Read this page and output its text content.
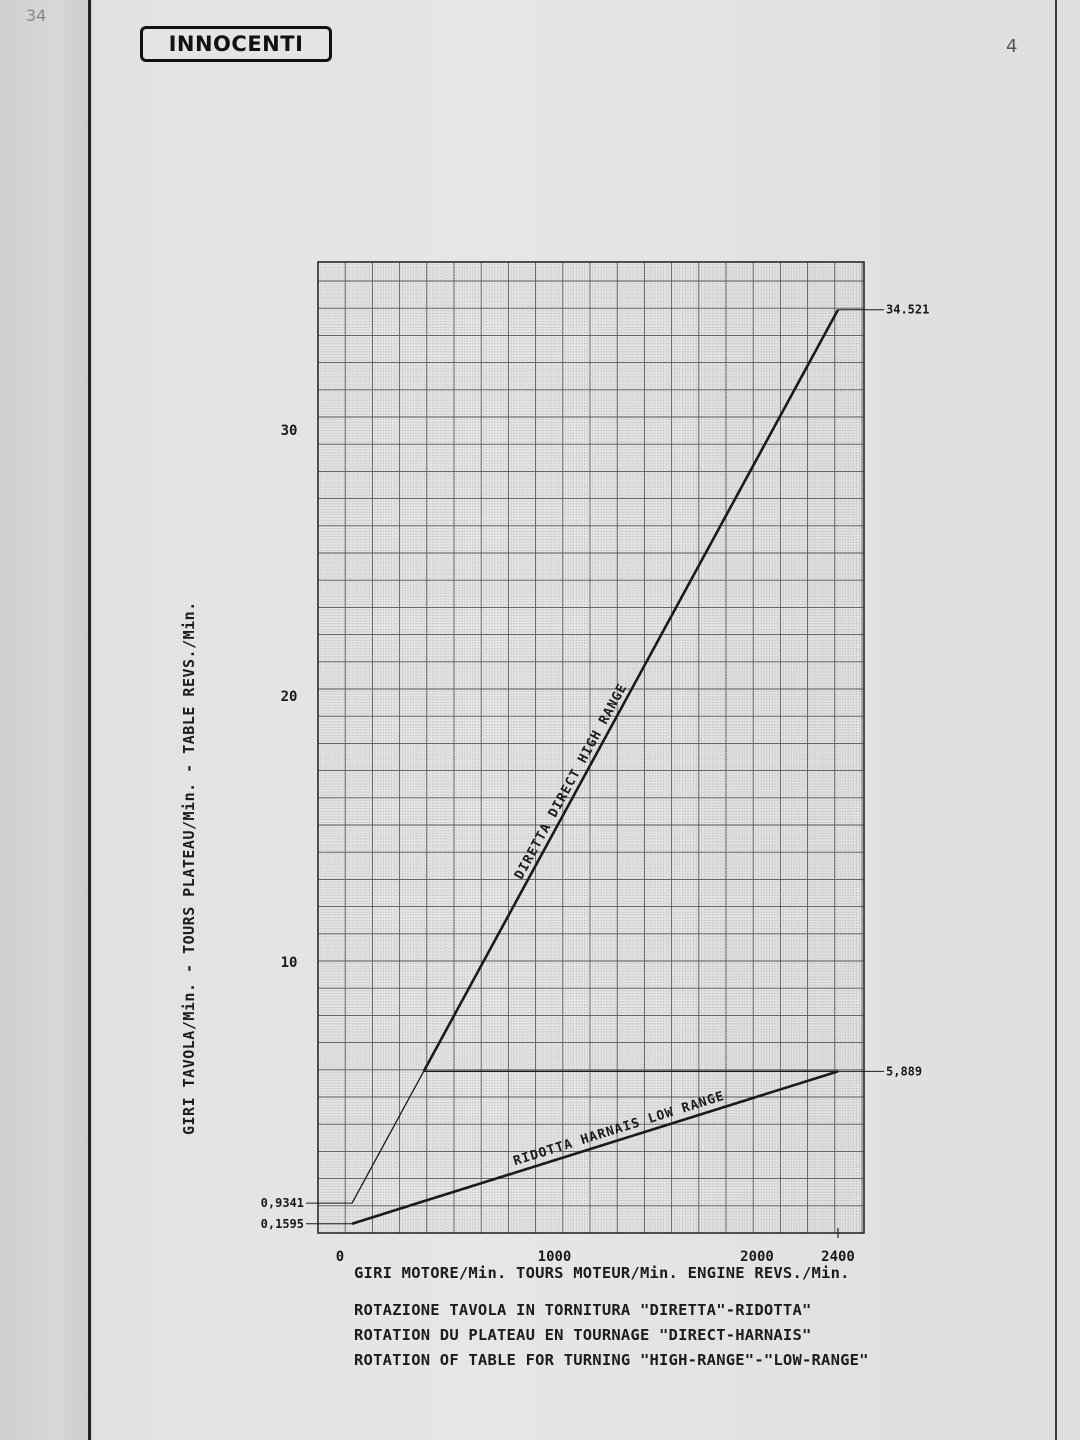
34
4
INNOCENTI
0	1000	2000	2400
10
20
30
34.521
5,889
0,9341
0,1595
DIRETTA DIRECT HIGH RANGE
RIDOTTA HARNAIS LOW RANGE
GIRI TAVOLA/Min. - TOURS PLATEAU/Min. - TABLE REVS./Min.
GIRI MOTORE/Min. TOURS MOTEUR/Min. ENGINE REVS./Min.
ROTAZIONE TAVOLA IN TORNITURA "DIRETTA"-RIDOTTA"
ROTATION DU PLATEAU EN TOURNAGE "DIRECT-HARNAIS"
ROTATION OF TABLE FOR TURNING "HIGH-RANGE"-"LOW-RANGE"
